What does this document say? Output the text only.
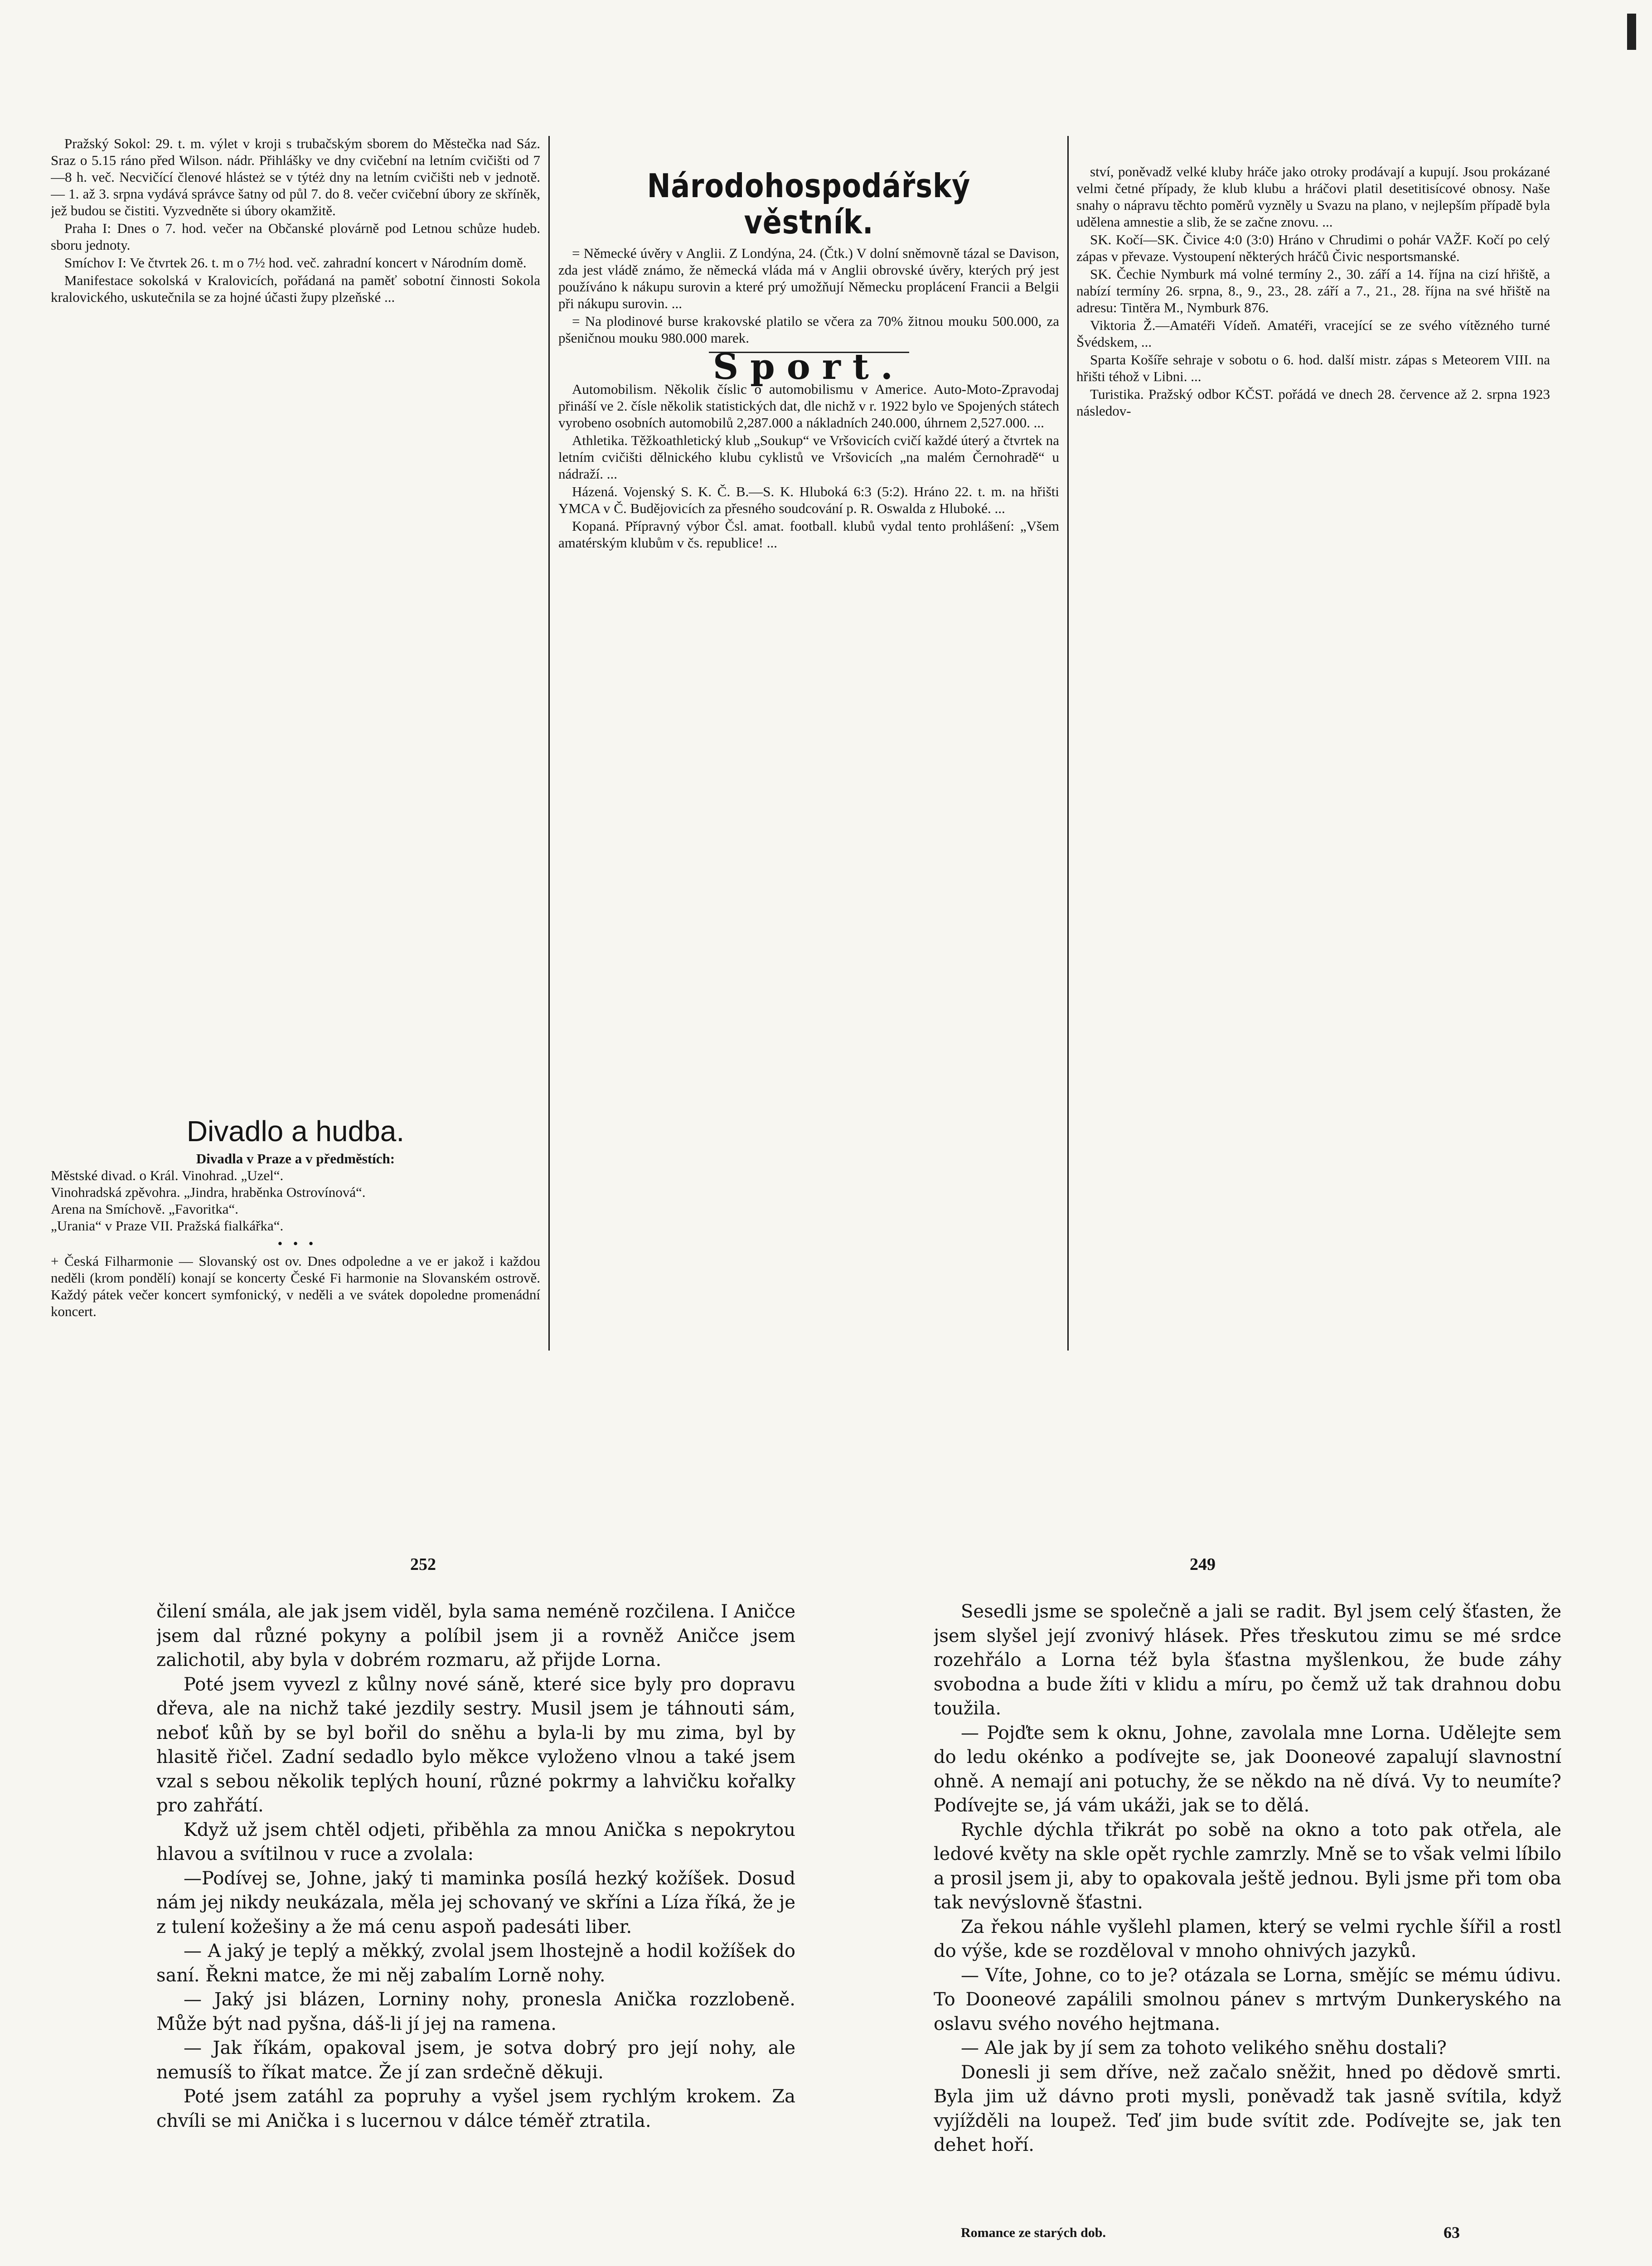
Pražský Sokol: 29. t. m. výlet v kroji s trubačským sborem do Městečka nad Sáz. Sraz o 5.15 ráno před Wilson. nádr. Přihlášky ve dny cvičební na letním cvičišti od 7—8 h. več. Necvičící členové hlásteż se v týtéż dny na letním cvičišti neb v jednotě. — 1. až 3. srpna vydává správce šatny od půl 7. do 8. večer cvičební úbory ze skříněk, jež budou se čistiti. Vyzvedněte si úbory okamžitě.

Praha I: Dnes o 7. hod. večer na Občanské plovárně pod Letnou schůze hudeb. sboru jednoty.

Smíchov I: Ve čtvrtek 26. t. m o 7½ hod. več. zahradní koncert v Národním domě.

Manifestace sokolská v Kralovicích, pořádaná na paměť sobotní činnosti Sokola kralovického, uskutečnila se za hojné účasti župy plzeňské ...

Divadlo a hudba.
Divadla v Praze a v předměstích:
Městské divad. o Král. Vinohrad. „Uzel“.
Vinohradská zpěvohra. „Jindra, hraběnka Ostrovínová“.
Arena na Smíchově. „Favoritka“.
„Urania“ v Praze VII. Pražská fialkářka“.
•   •   •
+ Česká Filharmonie — Slovanský ost ov. Dnes odpoledne a ve er jakož i každou neděli (krom pondělí) konají se koncerty České Fi harmonie na Slovanském ostrově. Každý pátek večer koncert symfonický, v neděli a ve svátek dopoledne promenádní koncert.
Národohospodářský věstník.

= Německé úvěry v Anglii. Z Londýna, 24. (Čtk.) V dolní sněmovně tázal se Davison, zda jest vládě známo, že německá vláda má v Anglii obrovské úvěry, kterých prý jest používáno k nákupu surovin a které prý umožňují Německu proplácení Francii a Belgii při nákupu surovin. ...

= Na plodinové burse krakovské platilo se včera za 70% žitnou mouku 500.000, za pšeničnou mouku 980.000 marek.

Sport.

Automobilism. Několik číslic o automobilismu v Americe. Auto-Moto-Zpravodaj přináší ve 2. čísle několik statistických dat, dle nichž v r. 1922 bylo ve Spojených státech vyrobeno osobních automobilů 2,287.000 a nákladních 240.000, úhrnem 2,527.000. ...

Athletika. Těžkoathletický klub „Soukup“ ve Vršovicích cvičí každé úterý a čtvrtek na letním cvičišti dělnického klubu cyklistů ve Vršovicích „na malém Černohradě“ u nádraží. ...

Házená. Vojenský S. K. Č. B.—S. K. Hluboká 6:3 (5:2). Hráno 22. t. m. na hřišti YMCA v Č. Budějovicích za přesného soudcování p. R. Oswalda z Hluboké. ...

Kopaná. Přípravný výbor Čsl. amat. football. klubů vydal tento prohlášení: „Všem amatérským klubům v čs. republice! ...

ství, poněvadž velké kluby hráče jako otroky prodávají a kupují. Jsou prokázané velmi četné případy, že klub klubu a hráčovi platil desetitisícové obnosy. Naše snahy o nápravu těchto poměrů vyzněly u Svazu na plano, v nejlepším případě byla udělena amnestie a slib, že se začne znovu. ...

SK. Kočí—SK. Čivice 4:0 (3:0) Hráno v Chrudimi o pohár VAŽF. Kočí po celý zápas v převaze. Vystoupení některých hráčů Čivic nesportsmanské.

SK. Čechie Nymburk má volné termíny 2., 30. září a 14. října na cizí hřiště, a nabízí termíny 26. srpna, 8., 9., 23., 28. září a 7., 21., 28. října na své hřiště na adresu: Tintěra M., Nymburk 876.

Viktoria Ž.—Amatéři Vídeň. Amatéři, vracející se ze svého vítězného turné Švédskem, ...

Sparta Košíře sehraje v sobotu o 6. hod. další mistr. zápas s Meteorem VIII. na hřišti téhož v Libni. ...

Turistika. Pražský odbor KČST. pořádá ve dnech 28. července až 2. srpna 1923 následov-

252	249

čilení smála, ale jak jsem viděl, byla sama neméně rozčilena. I Aničce jsem dal různé pokyny a políbil jsem ji a rovněž Aničce jsem zalichotil, aby byla v dobrém rozmaru, až přijde Lorna.

Poté jsem vyvezl z kůlny nové sáně, které sice byly pro dopravu dřeva, ale na nichž také jezdily sestry. Musil jsem je táhnouti sám, neboť kůň by se byl bořil do sněhu a byla-li by mu zima, byl by hlasitě řičel. Zadní sedadlo bylo měkce vyloženo vlnou a také jsem vzal s sebou několik teplých houní, různé pokrmy a lahvičku kořalky pro zahřátí.

Když už jsem chtěl odjeti, přiběhla za mnou Anička s nepokrytou hlavou a svítilnou v ruce a zvolala:

—Podívej se, Johne, jaký ti maminka posílá hezký kožíšek. Dosud nám jej nikdy neukázala, měla jej schovaný ve skříni a Líza říká, že je z tulení kožešiny a že má cenu aspoň padesáti liber.

— A jaký je teplý a měkký, zvolal jsem lhostejně a hodil kožíšek do saní. Řekni matce, že mi něj zabalím Lorně nohy.

— Jaký jsi blázen, Lorniny nohy, pronesla Anička rozzlobeně. Může být nad pyšna, dáš-li jí jej na ramena.

— Jak říkám, opakoval jsem, je sotva dobrý pro její nohy, ale nemusíš to říkat matce. Že jí zan srdečně děkuji.

Poté jsem zatáhl za popruhy a vyšel jsem rychlým krokem. Za chvíli se mi Anička i s lucernou v dálce téměř ztratila.

Sesedli jsme se společně a jali se radit. Byl jsem celý šťasten, že jsem slyšel její zvonivý hlásek. Přes třeskutou zimu se mé srdce rozehřálo a Lorna též byla šťastna myšlenkou, že bude záhy svobodna a bude žíti v klidu a míru, po čemž už tak drahnou dobu toužila.

— Pojďte sem k oknu, Johne, zavolala mne Lorna. Udělejte sem do ledu okénko a podívejte se, jak Dooneové zapalují slavnostní ohně. A nemají ani potuchy, že se někdo na ně dívá. Vy to neumíte? Podívejte se, já vám ukáži, jak se to dělá.

Rychle dýchla třikrát po sobě na okno a toto pak otřela, ale ledové květy na skle opět rychle zamrzly. Mně se to však velmi líbilo a prosil jsem ji, aby to opakovala ještě jednou. Byli jsme při tom oba tak nevýslovně šťastni.

Za řekou náhle vyšlehl plamen, který se velmi rychle šířil a rostl do výše, kde se rozděloval v mnoho ohnivých jazyků.

— Víte, Johne, co to je? otázala se Lorna, smějíc se mému údivu. To Dooneové zapálili smolnou pánev s mrtvým Dunkeryského na oslavu svého nového hejtmana.

— Ale jak by jí sem za tohoto velikého sněhu dostali?

Donesli ji sem dříve, než začalo sněžit, hned po dědově smrti. Byla jim už dávno proti mysli, poněvadž tak jasně svítila, když vyjížděli na loupež. Teď jim bude svítit zde. Podívejte se, jak ten dehet hoří.

Romance ze starých dob.	63
